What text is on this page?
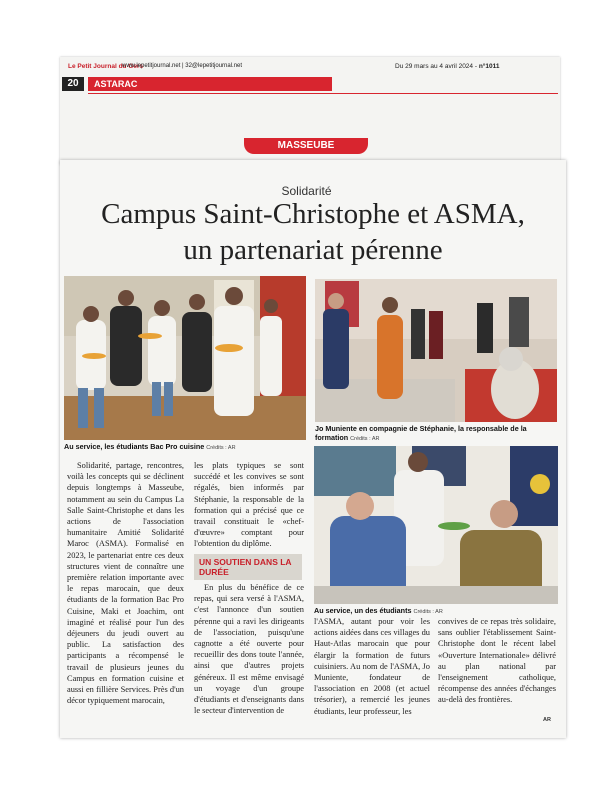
Le Petit Journal du Gers
www.lepetitjournal.net | 32@lepetitjournal.net	Du 29 mars au 4 avril 2024 - n°1011
20	ASTARAC
MASSEUBE
Solidarité
Campus Saint-Christophe et ASMA,
un partenariat pérenne
Au service, les étudiants Bac Pro cuisine Crédits : AR
Jo Muniente en compagnie de Stéphanie, la responsable de la formation Crédits : AR
Au service, un des étudiants Crédits : AR

Solidarité, partage, rencontres, voilà les concepts qui se déclinent depuis longtemps à Masseube, notamment au sein du Campus La Salle Saint-Christophe et dans les actions de l'association humanitaire Amitié Solidarité Maroc (ASMA). Formalisé en 2023, le partenariat entre ces deux structures vient de connaître une première relation importante avec le repas marocain, que deux étudiants de la formation Bac Pro Cuisine, Maki et Joachim, ont imaginé et réalisé pour l'un des déjeuners du jeudi ouvert au public. La satisfaction des participants a récompensé le travail de plusieurs jeunes du Campus en formation cuisine et aussi en fillière Services. Près d'un décor typiquement marocain,

les plats typiques se sont succédé et les convives se sont régalés, bien informés par Stéphanie, la responsable de la formation qui a précisé que ce travail constituait le «chef-d'œuvre» comptant pour l'obtention du diplôme.

UN SOUTIEN DANS LA DURÉE

En plus du bénéfice de ce repas, qui sera versé à l'ASMA, c'est l'annonce d'un soutien pérenne qui a ravi les dirigeants de l'association, puisqu'une cagnotte a été ouverte pour recueillir des dons toute l'année, ainsi que d'autres projets généreux. Il est même envisagé un voyage d'un groupe d'étudiants et d'enseignants dans le secteur d'intervention de

l'ASMA, autant pour voir les actions aidées dans ces villages du Haut-Atlas marocain que pour élargir la formation de futurs cuisiniers. Au nom de l'ASMA, Jo Muniente, fondateur de l'association en 2008 (et actuel trésorier), a remercié les jeunes étudiants, leur professeur, les

convives de ce repas très solidaire, sans oublier l'établissement Saint-Christophe dont le récent label «Ouverture Internationale» délivré au plan national par l'enseignement catholique, récompense des années d'échanges au-delà des frontières.

AR
